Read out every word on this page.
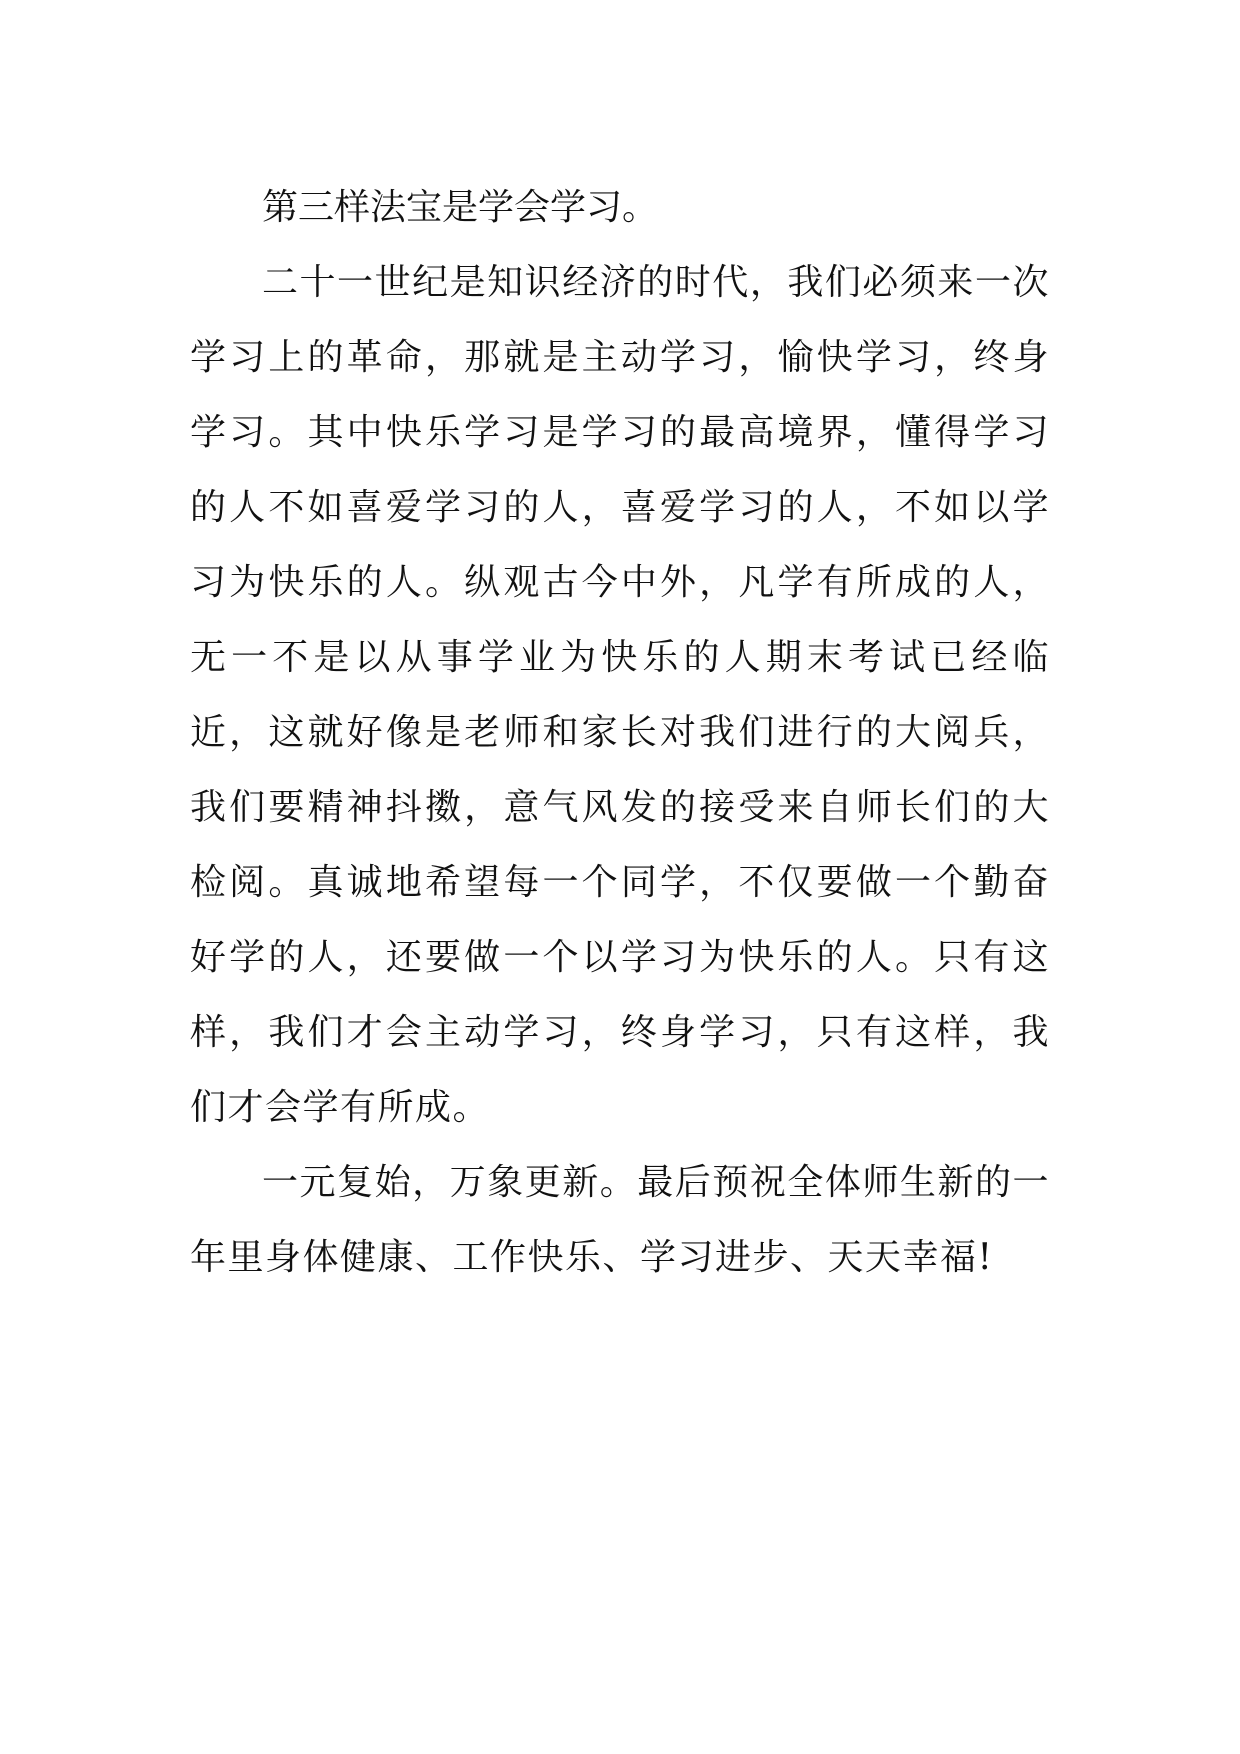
第三样法宝是学会学习。

二十一世纪是知识经济的时代，我们必须来一次学习上的革命，那就是主动学习，愉快学习，终身学习。其中快乐学习是学习的最高境界，懂得学习的人不如喜爱学习的人，喜爱学习的人，不如以学习为快乐的人。纵观古今中外，凡学有所成的人，无一不是以从事学业为快乐的人期末考试已经临近，这就好像是老师和家长对我们进行的大阅兵，我们要精神抖擞，意气风发的接受来自师长们的大检阅。真诚地希望每一个同学，不仅要做一个勤奋好学的人，还要做一个以学习为快乐的人。只有这样，我们才会主动学习，终身学习，只有这样，我们才会学有所成。

一元复始，万象更新。最后预祝全体师生新的一年里身体健康、工作快乐、学习进步、天天幸福!
